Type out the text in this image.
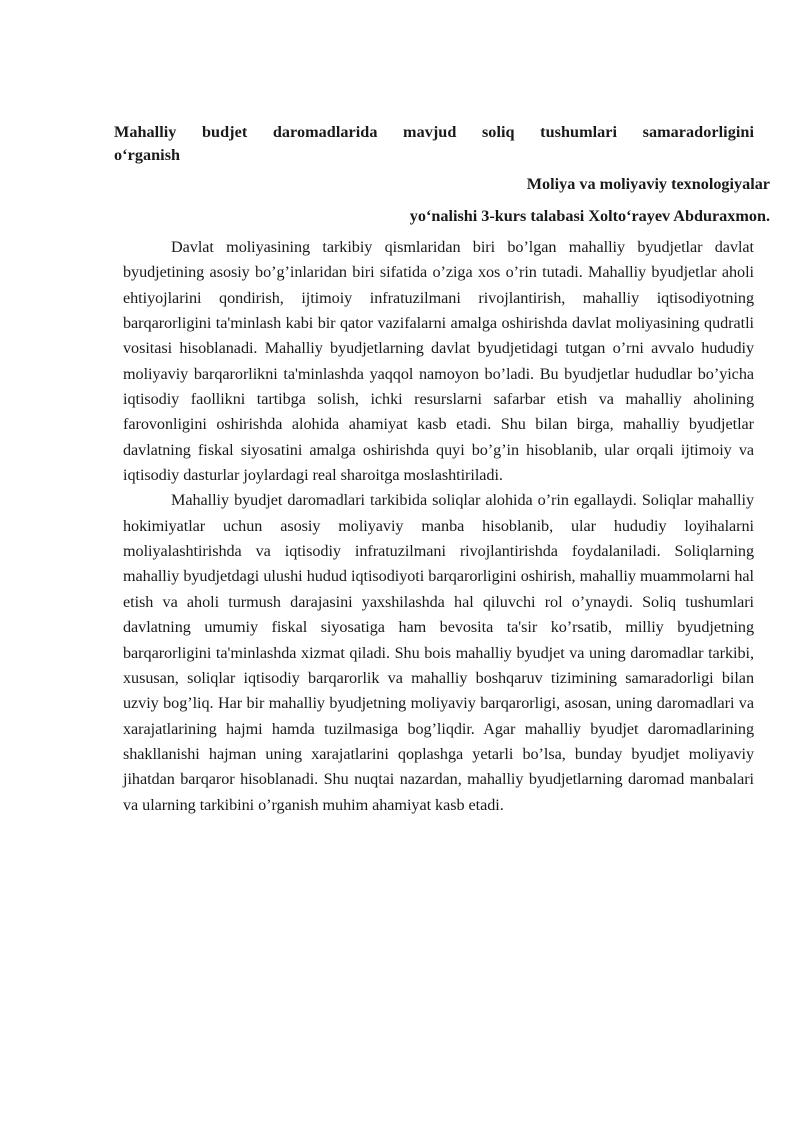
Mahalliy budjet daromadlarida mavjud soliq tushumlari samaradorligini
o‘rganish
Moliya va moliyaviy texnologiyalar
yo‘nalishi 3-kurs talabasi Xolto‘rayev Abduraxmon.

Davlat moliyasining tarkibiy qismlaridan biri bo’lgan mahalliy byudjetlar davlat byudjetining asosiy bo’g’inlaridan biri sifatida o’ziga xos o’rin tutadi. Mahalliy byudjetlar aholi ehtiyojlarini qondirish, ijtimoiy infratuzilmani rivojlantirish, mahalliy iqtisodiyotning barqarorligini ta'minlash kabi bir qator vazifalarni amalga oshirishda davlat moliyasining qudratli vositasi hisoblanadi. Mahalliy byudjetlarning davlat byudjetidagi tutgan o’rni avvalo hududiy moliyaviy barqarorlikni ta'minlashda yaqqol namoyon bo’ladi. Bu byudjetlar hududlar bo’yicha iqtisodiy faollikni tartibga solish, ichki resurslarni safarbar etish va mahalliy aholining farovonligini oshirishda alohida ahamiyat kasb etadi. Shu bilan birga, mahalliy byudjetlar davlatning fiskal siyosatini amalga oshirishda quyi bo’g’in hisoblanib, ular orqali ijtimoiy va iqtisodiy dasturlar joylardagi real sharoitga moslashtiriladi.

Mahalliy byudjet daromadlari tarkibida soliqlar alohida o’rin egallaydi. Soliqlar mahalliy hokimiyatlar uchun asosiy moliyaviy manba hisoblanib, ular hududiy loyihalarni moliyalashtirishda va iqtisodiy infratuzilmani rivojlantirishda foydalaniladi. Soliqlarning mahalliy byudjetdagi ulushi hudud iqtisodiyoti barqarorligini oshirish, mahalliy muammolarni hal etish va aholi turmush darajasini yaxshilashda hal qiluvchi rol o’ynaydi. Soliq tushumlari davlatning umumiy fiskal siyosatiga ham bevosita ta'sir ko’rsatib, milliy byudjetning barqarorligini ta'minlashda xizmat qiladi. Shu bois mahalliy byudjet va uning daromadlar tarkibi, xususan, soliqlar iqtisodiy barqarorlik va mahalliy boshqaruv tizimining samaradorligi bilan uzviy bog’liq. Har bir mahalliy byudjetning moliyaviy barqarorligi, asosan, uning daromadlari va xarajatlarining hajmi hamda tuzilmasiga bog’liqdir. Agar mahalliy byudjet daromadlarining shakllanishi hajman uning xarajatlarini qoplashga yetarli bo’lsa, bunday byudjet moliyaviy jihatdan barqaror hisoblanadi. Shu nuqtai nazardan, mahalliy byudjetlarning daromad manbalari va ularning tarkibini o’rganish muhim ahamiyat kasb etadi.
